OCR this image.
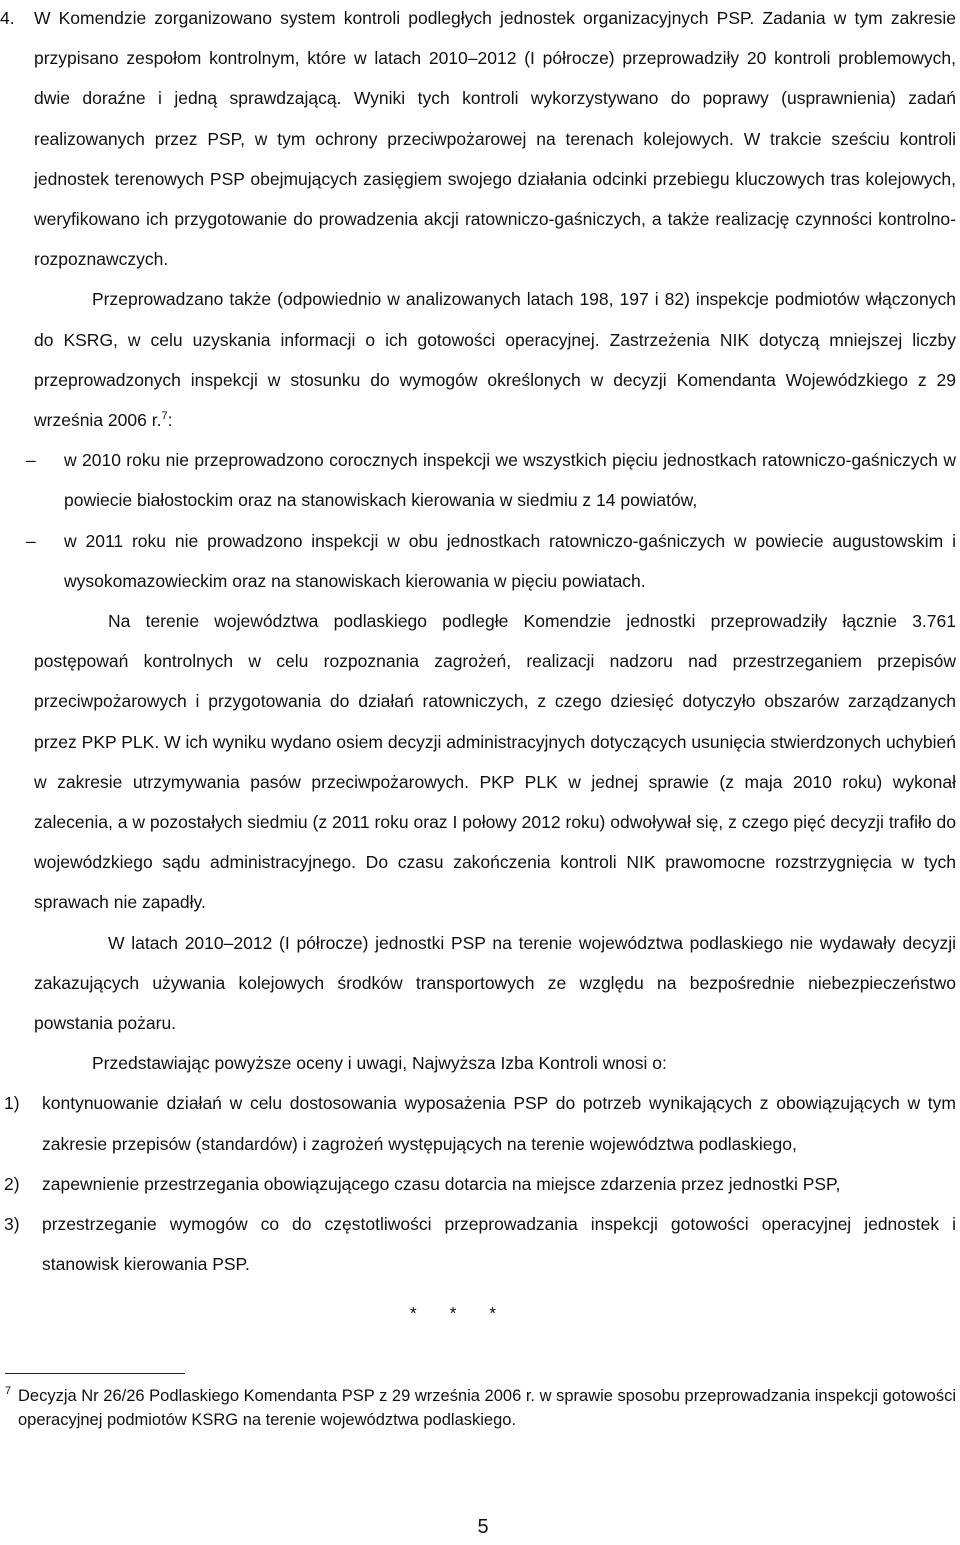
4. W Komendzie zorganizowano system kontroli podległych jednostek organizacyjnych PSP. Zadania w tym zakresie przypisano zespołom kontrolnym, które w latach 2010‒2012 (I półrocze) przeprowadziły 20 kontroli problemowych, dwie doraźne i jedną sprawdzającą. Wyniki tych kontroli wykorzystywano do poprawy (usprawnienia) zadań realizowanych przez PSP, w tym ochrony przeciwpożarowej na terenach kolejowych. W trakcie sześciu kontroli jednostek terenowych PSP obejmujących zasięgiem swojego działania odcinki przebiegu kluczowych tras kolejowych, weryfikowano ich przygotowanie do prowadzenia akcji ratowniczo-gaśniczych, a także realizację czynności kontrolno-rozpoznawczych.

Przeprowadzano także (odpowiednio w analizowanych latach 198, 197 i 82) inspekcje podmiotów włączonych do KSRG, w celu uzyskania informacji o ich gotowości operacyjnej. Zastrzeżenia NIK dotyczą mniejszej liczby przeprowadzonych inspekcji w stosunku do wymogów określonych w decyzji Komendanta Wojewódzkiego z 29 września 2006 r.$^7$:

‒	w 2010 roku nie przeprowadzono corocznych inspekcji we wszystkich pięciu jednostkach ratowniczo-gaśniczych w powiecie białostockim oraz na stanowiskach kierowania w siedmiu z 14 powiatów,

‒	w 2011 roku nie prowadzono inspekcji w obu jednostkach ratowniczo-gaśniczych w powiecie augustowskim i wysokomazowieckim oraz na stanowiskach kierowania w pięciu powiatach.

Na terenie województwa podlaskiego podległe Komendzie jednostki przeprowadziły łącznie 3.761 postępowań kontrolnych w celu rozpoznania zagrożeń, realizacji nadzoru nad przestrzeganiem przepisów przeciwpożarowych i przygotowania do działań ratowniczych, z czego dziesięć dotyczyło obszarów zarządzanych przez PKP PLK. W ich wyniku wydano osiem decyzji administracyjnych dotyczących usunięcia stwierdzonych uchybień w zakresie utrzymywania pasów przeciwpożarowych. PKP PLK w jednej sprawie (z maja 2010 roku) wykonał zalecenia, a w pozostałych siedmiu (z 2011 roku oraz I połowy 2012 roku) odwoływał się, z czego pięć decyzji trafiło do wojewódzkiego sądu administracyjnego. Do czasu zakończenia kontroli NIK prawomocne rozstrzygnięcia w tych sprawach nie zapadły.

W latach 2010‒2012 (I półrocze) jednostki PSP na terenie województwa podlaskiego nie wydawały decyzji zakazujących używania kolejowych środków transportowych ze względu na bezpośrednie niebezpieczeństwo powstania pożaru.

Przedstawiając powyższe oceny i uwagi, Najwyższa Izba Kontroli wnosi o:

1) kontynuowanie działań w celu dostosowania wyposażenia PSP do potrzeb wynikających z obowiązujących w tym zakresie przepisów (standardów) i zagrożeń występujących na terenie województwa podlaskiego,

2) zapewnienie przestrzegania obowiązującego czasu dotarcia na miejsce zdarzenia przez jednostki PSP,

3) przestrzeganie wymogów co do częstotliwości przeprowadzania inspekcji gotowości operacyjnej jednostek i stanowisk kierowania PSP.

* * *

7 Decyzja Nr 26/26 Podlaskiego Komendanta PSP z 29 września 2006 r. w sprawie sposobu przeprowadzania inspekcji gotowości operacyjnej podmiotów KSRG na terenie województwa podlaskiego.
5
